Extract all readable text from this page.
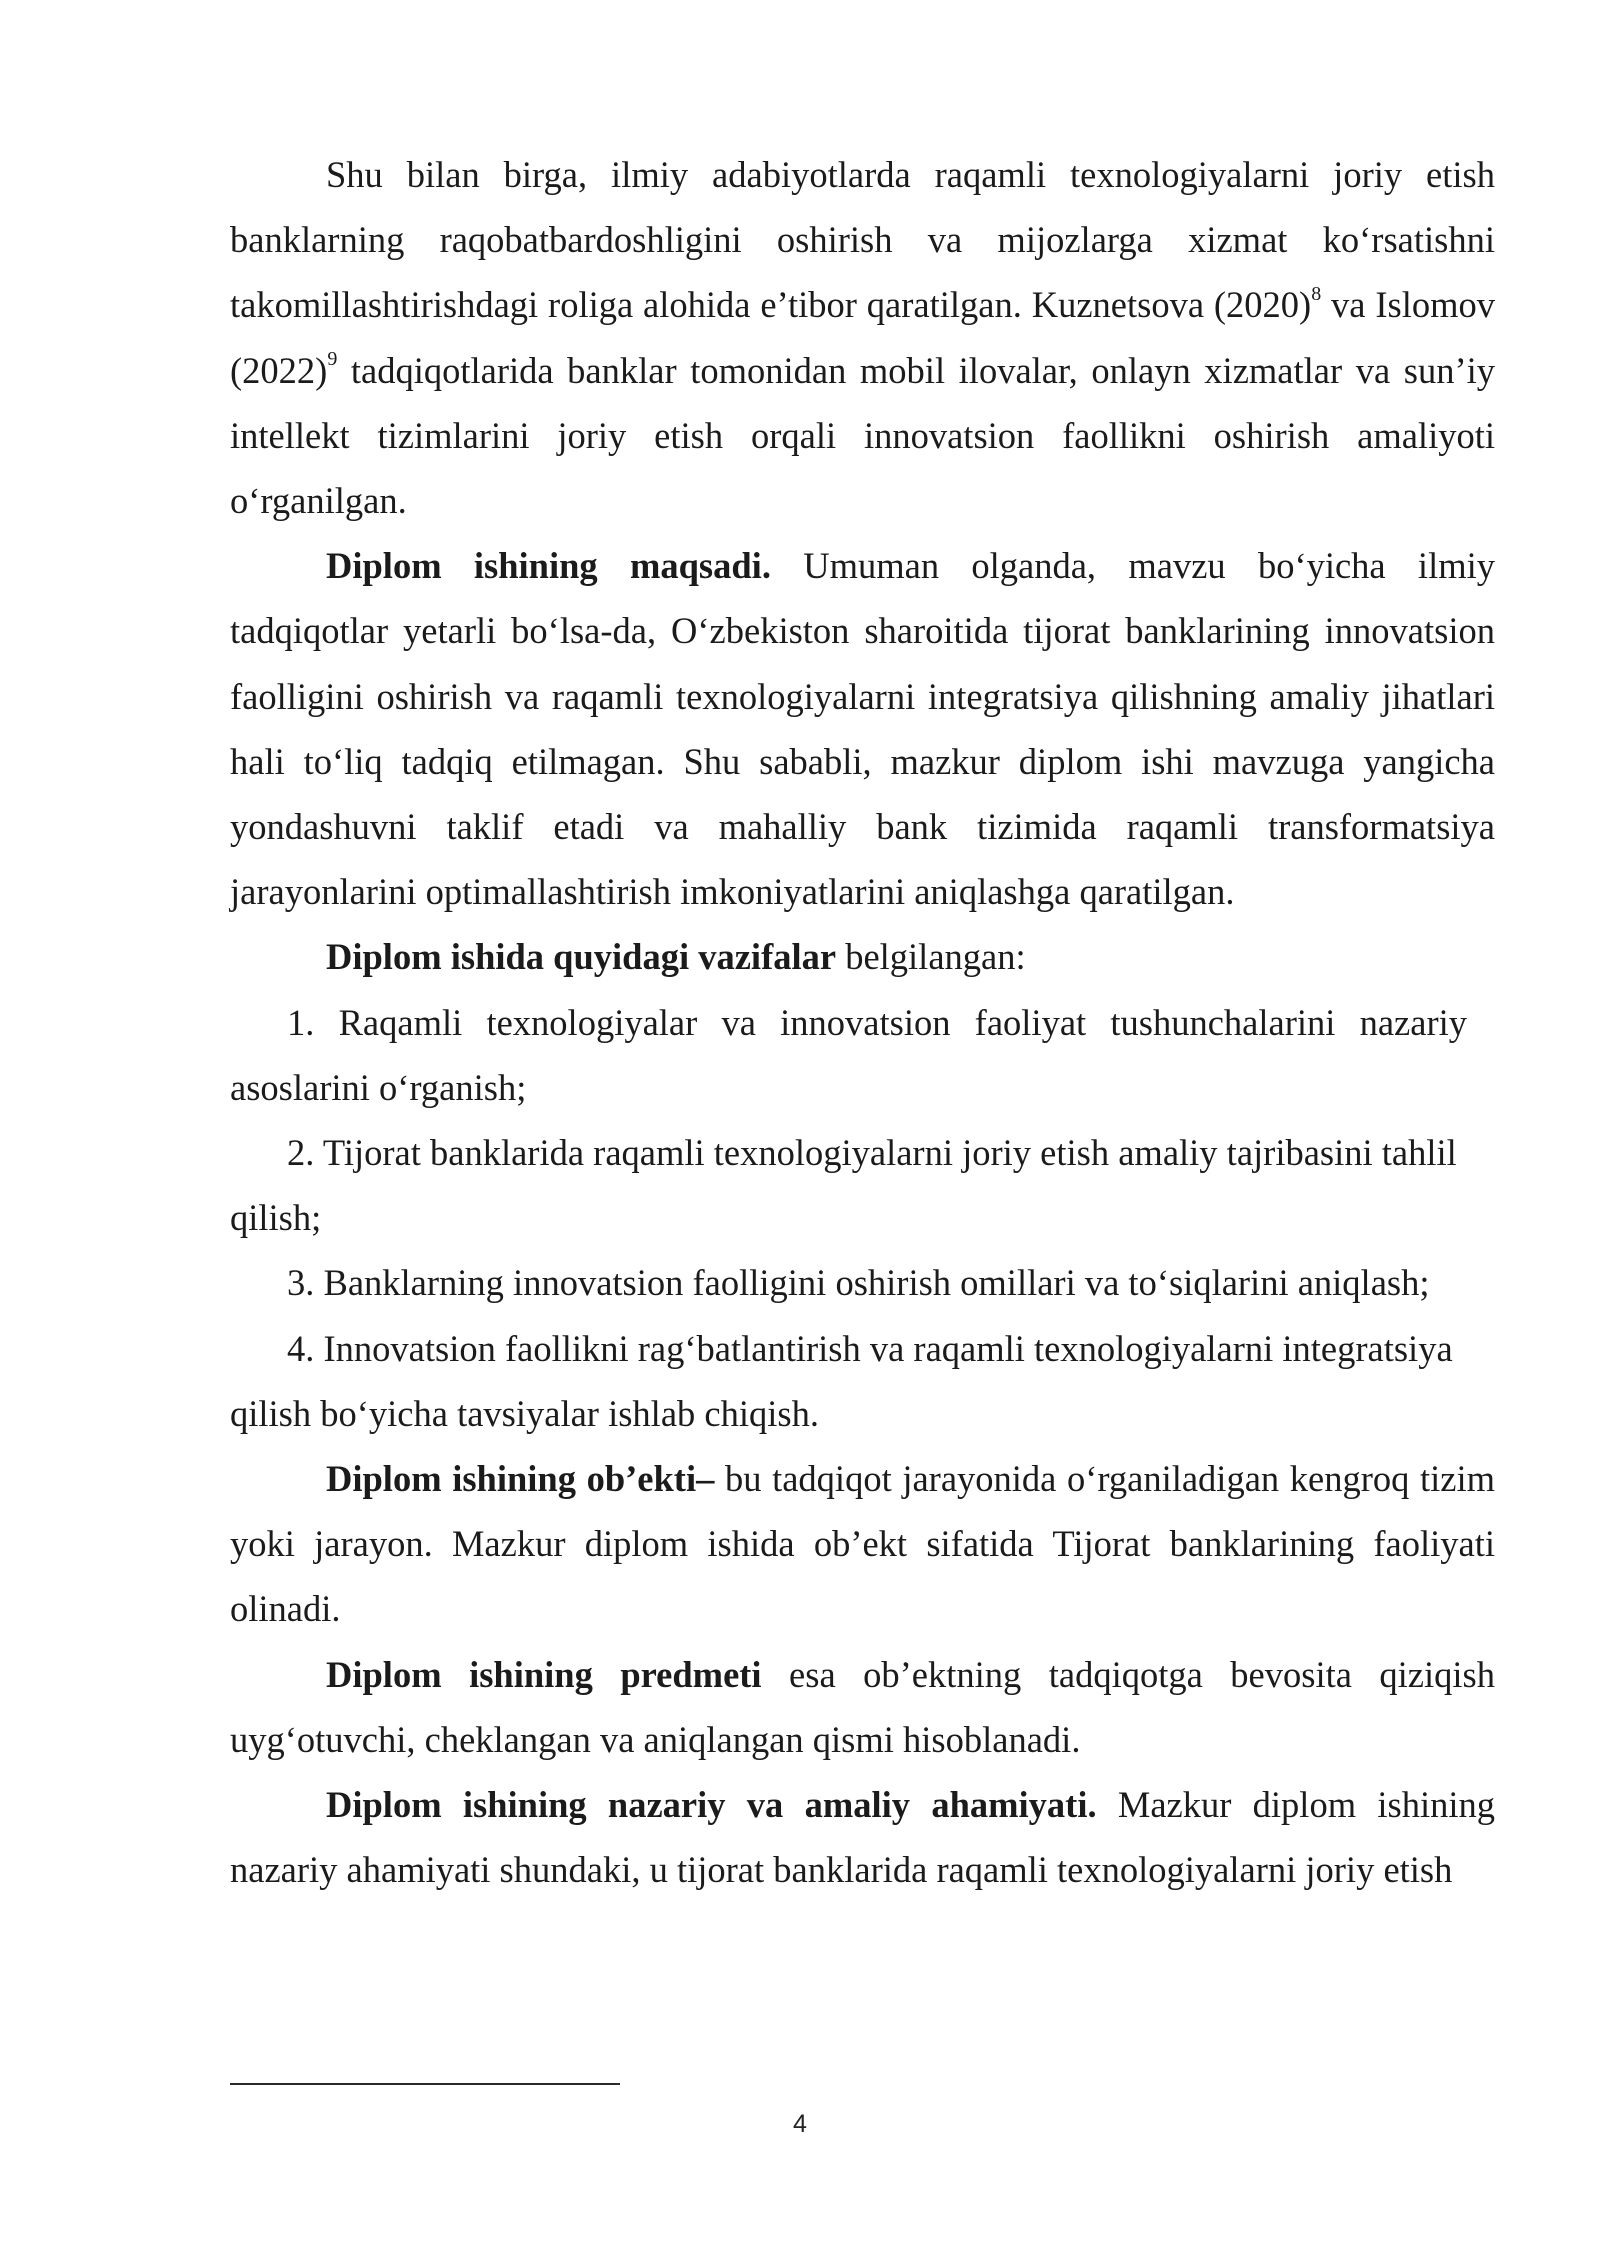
Shu bilan birga, ilmiy adabiyotlarda raqamli texnologiyalarni joriy etish banklarning raqobatbardoshligini oshirish va mijozlarga xizmat ko‘rsatishni takomillashtirishdagi roliga alohida e’tibor qaratilgan. Kuznetsova $(2020)^8$ va Islomov $(2022)^9$ tadqiqotlarida banklar tomonidan mobil ilovalar, onlayn xizmatlar va sun’iy intellekt tizimlarini joriy etish orqali innovatsion faollikni oshirish amaliyoti o‘rganilgan.

Diplom ishining maqsadi. Umuman olganda, mavzu bo‘yicha ilmiy tadqiqotlar yetarli bo‘lsa-da, O‘zbekiston sharoitida tijorat banklarining innovatsion faolligini oshirish va raqamli texnologiyalarni integratsiya qilishning amaliy jihatlari hali to‘liq tadqiq etilmagan. Shu sababli, mazkur diplom ishi mavzuga yangicha yondashuvni taklif etadi va mahalliy bank tizimida raqamli transformatsiya jarayonlarini optimallashtirish imkoniyatlarini aniqlashga qaratilgan.

Diplom ishida quyidagi vazifalar belgilangan:

1. Raqamli texnologiyalar va innovatsion faoliyat tushunchalarini nazariy asoslarini o‘rganish;

2. Tijorat banklarida raqamli texnologiyalarni joriy etish amaliy tajribasini tahlil qilish;

3. Banklarning innovatsion faolligini oshirish omillari va to‘siqlarini aniqlash;

4. Innovatsion faollikni rag‘batlantirish va raqamli texnologiyalarni integratsiya qilish bo‘yicha tavsiyalar ishlab chiqish.

Diplom ishining ob’ekti– bu tadqiqot jarayonida o‘rganiladigan kengroq tizim yoki jarayon. Mazkur diplom ishida ob’ekt sifatida Tijorat banklarining faoliyati olinadi.

Diplom ishining predmeti esa ob’ektning tadqiqotga bevosita qiziqish uyg‘otuvchi, cheklangan va aniqlangan qismi hisoblanadi.

Diplom ishining nazariy va amaliy ahamiyati. Mazkur diplom ishining nazariy ahamiyati shundaki, u tijorat banklarida raqamli texnologiyalarni joriy etish

4
